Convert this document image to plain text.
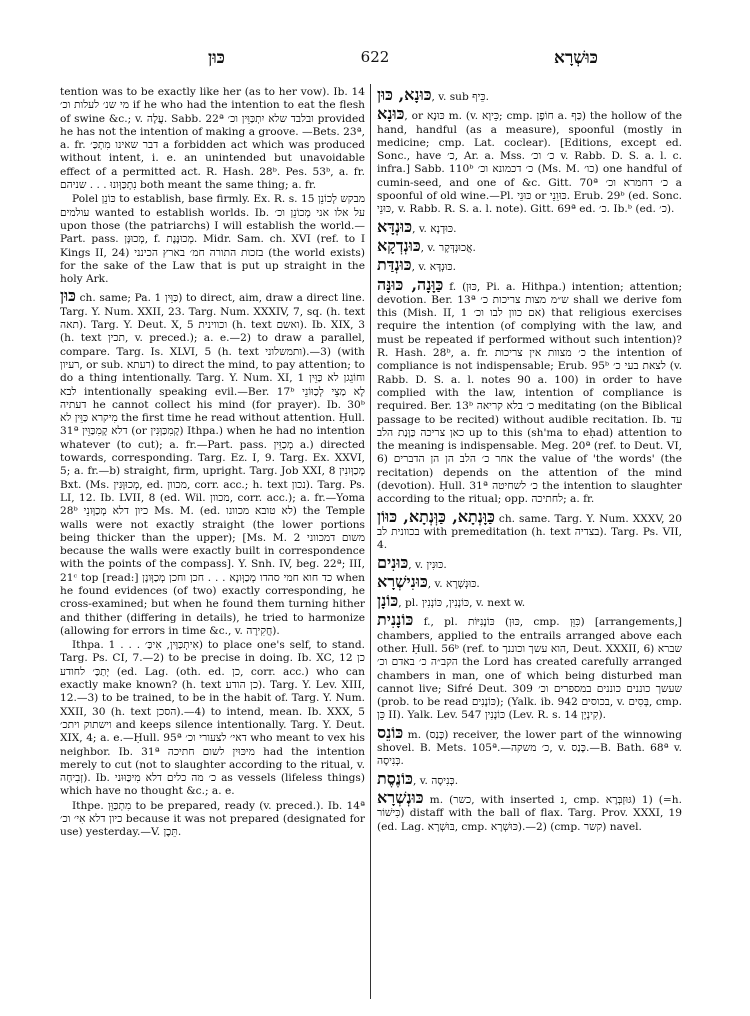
כּוּן	622	כּוּשְׁרָא

tention was to be exactly like her (as to her vow). Ib. 14 מי שנ׳ לעלות וכ׳ if he who had the intention to eat the flesh of swine &c.; v. עֲלָה. Sabb. 22ª ובלבד שלא יִתְכַּוֵּין וכ׳ provided he has not the intention of making a groove. —Bets. 23ª, a. fr. דבר שאינו מִתְכַּ׳ a forbidden act which was produced without intent, i. e. an unintended but unavoidable effect of a permitted act. R. Hash. 28ᵇ. Pes. 53ᵇ, a. fr. נִתְכַּוְּונוּ . . . שניהם both meant the same thing; a. fr.

Polel כּוֹנֵן to establish, base firmly. Ex. R. s. 15 מבקש לְכוֹנֵן עולמים wanted to establish worlds. Ib. על אלו אני מְכוֹנֵן וכ׳ upon those (the patriarchs) I will establish the world.—Part. pass. מְכוּנָּן, f. מְכוּנֶּנֶת. Midr. Sam. ch. XVI (ref. to I Kings II, 24) בזכות התורה חמ׳ בארץ הכינני (the world exists) for the sake of the Law that is put up straight in the holy Ark.

כּוּן ch. same; Pa. כַּוֵּין 1) to direct, aim, draw a direct line. Targ. Y. Num. XXII, 23. Targ. Num. XXXIV, 7, sq. (h. text תאה). Targ. Y. Deut. X, 5 וכווינית (h. text ואשם). Ib. XIX, 3 (h. text תכין, v. preced.); a. e.—2) to draw a parallel, compare. Targ. Is. XLVI, 5 (h. text ותמשלוני).—3) (with רעיון, or sub. רעתא) to direct the mind, to pay attention; to do a thing intentionally. Targ. Y. Num. XI, 1 וחוֹגֵגן לא כַּוֵּין לבא intentionally speaking evil.—Ber. 17ᵇ לָא מַצֵי לְכַוּוֹנֵי דעתיה he cannot collect his mind (for prayer). Ib. 30ᵇ מִיקרא כַּוֵּין לא the first time he read without attention. Ḥull. 31ª דלא קָמִכַּוֵּין (or קָמִכַּוְּנִין) Ithpa.) when he had no intention whatever (to cut); a. fr.—Part. pass. מְכַוֵּין a.) directed towards, corresponding. Targ. Ez. I, 9. Targ. Ex. XXVI, 5; a. fr.—b) straight, firm, upright. Targ. Job XXI, 8 מְכַוְּונִין Bxt. (Ms. מְכוּוָּנִין, ed. מכוון, corr. acc.; h. text נכון). Targ. Ps. LI, 12. Ib. LVII, 8 (ed. Wil. מכוון, corr. acc.); a. fr.—Yoma 28ᵇ כיון דלא מְכַוְּונֵי Ms. M. (ed. לא טובא מכוונו) the Temple walls were not exactly straight (the lower portions being thicker than the upper); [Ms. M. 2 משום דמכווני because the walls were exactly built in correspondence with the points of the compass]. Y. Snh. IV, beg. 22ª; III, 21ᶜ top [read:] כד חוא חמי סהדו מְכַוְּונָא . . . חכן וחכן מְכַוְּונָן when he found evidences (of two) exactly corresponding, he cross-examined; but when he found them turning hither and thither (differing in details), he tried to harmonize (allowing for errors in time &c., v. חֲקִירָה).

Ithpa. אִיתְכַּוַּין, אִיכַּ׳ . . . 1) to place one's self, to stand. Targ. Ps. CI, 7.—2) to be precise in doing. Ib. XC, 12 כן יְתַכַּ׳ לחודע (ed. Lag. (oth. ed. כן, corr. acc.) who can exactly make known? (h. text כן הודע). Targ. Y. Lev. XIII, 12.—3) to be trained, to be in the habit of. Targ. Y. Num. XXII, 30 (h. text הסכן).—4) to intend, mean. Ib. XXX, 5 וישתוק ויתכ׳ and keeps silence intentionally. Targ. Y. Deut. XIX, 4; a. e.—Ḥull. 95ª דאי׳ לצעורי וכ׳ who meant to vex his neighbor. Ib. 31ª מיכּוּין לשום חתיכה had the intention merely to cut (not to slaughter according to the ritual, v. זְבִיחָה). Ib. כ׳ מה כלים דלא מִיכַּוּוּני as vessels (lifeless things) which have no thought &c.; a. e.

Ithpe. מִתְכַּוֵּן to be prepared, ready (v. preced.). Ib. 14ª כיון דלא אִי׳ וכ׳ because it was not prepared (designated for use) yesterday.—V. תֵּכֶן.

כּוּנָא, כּוּן, v. sub כֵּיף.

כּוּנָא, or כּוּנָא m. (v. כֵּיוָא; cmp. חוֹפֶן a. כַּף) the hollow of the hand, handful (as a measure), spoonful (mostly in medicine; cmp. Lat. coclear). [Editions, except ed. Sonc., have כ׳, Ar. a. Mss. כ׳ וכ׳ v. Rabb. D. S. a. l. c. infra.] Sabb. 110ᵇ כ׳ דכמונא וכ׳ (Ms. M. כו׳) one handful of cumin-seed, and one of &c. Gitt. 70ª כ׳ דחמרא וכ׳ a spoonful of old wine.—Pl. כּוּנֵי or כּוּוֵנֵי. Erub. 29ᵇ (ed. Sonc. כּוּנֵי, v. Rabb. R. S. a. l. note). Gitt. 69ª ed. כ׳. Ib.ᵇ (ed. כ׳).

כּוּנְדָּא, v. כּוּדְנָא.

כּוּנְדְקָא, v. אֲכוּנְדְּקָר.

כּוּנְדַּת, v. כּוּנְדָּא.

כַּוָּנָה, כּוּנָּה f. (כּוּן, Pi. a. Hithpa.) intention; attention; devotion. Ber. 13ª ש״מ מצות צריכות כ׳ shall we derive fom this (Mish. II, 1 אם כוון לבו וכ׳) that religious exercises require the intention (of complying with the law, and must be repeated if performed without such intention)? R. Hash. 28ᵇ, a. fr. כ׳ מצוות אין צריכות the intention of compliance is not indispensable; Erub. 95ᵇ לצאת בעי כ׳ (v. Rabb. D. S. a. l. notes 90 a. 100) in order to have complied with the law, intention of compliance is required. Ber. 13ᵇ כ׳ בלא קריאה meditating (on the Biblical passage to be recited) without audible recitation. Ib. עד כאן צריכה כַּוָּנַת הלב up to this (sh'ma to eḥad) attention to the meaning is indispensable. Meg. 20ª (ref. to Deut. VI, 6) אחר כ׳ הלב הן הן הדברים the value of 'the words' (the recitation) depends on the attention of the mind (devotion). Ḥull. 31ª כ׳ לשחיטה the intention to slaughter according to the ritual; opp. לחתיכה; a. fr.

כַּוָּנְתָא, כַּוְּנְתָא, כּוּוֹן ch. same. Targ. Y. Num. XXXV, 20 בכוונית לב with premeditation (h. text בצדיה). Targ. Ps. VII, 4.

כּוּנִים, v. כּוּנִין.

כּוּנִישְׁרָא, v. כּוּנְשְׁרָא.

כּוֹנָן, pl. כּוֹנָנִין, כּוֹנְנִין, v. next w.

כּוֹנָנִית f., pl. כּוֹנָנִיּוֹת (כּוּן, cmp. כִּוֵּן) [arrangements,] chambers, applied to the entrails arranged above each other. Ḥull. 56ᵇ (ref. to הוא עשך וכוננך, Deut. XXXII, 6) שברא הקב״ה כ׳ באדם וכ׳ the Lord has created carefully arranged chambers in man, one of which being disturbed man cannot live; Sifré Deut. 309 שעשך כוננים כוננים במספרים וכ׳ (prob. to be read כּוֹנָנִים); (Yalk. ib. 942 בכוסים, v. בְּסִים, cmp. כֵּן II). Yalk. Lev. 547 כּוֹנָנִין (Lev. R. s. 14 קִינְיָן).

כּוֹנֵס m. (כָּנַס) receiver, the lower part of the winnowing shovel. B. Mets. 105ª.—כ׳ משקה, v. כָּנַס.—B. Bath. 68ª v. כְּנִיסָה.

כּוֹנֶסֶת, v. כְּנִיסָה.

כּוּנְשְׁרָא m. (כשר, with inserted נ, cmp. גּוּזְבְּרָא) 1) (=h. כִּישׁוֹר) distaff with the ball of flax. Targ. Prov. XXXI, 19 (ed. Lag. בּוּשְׁרָא, cmp. כּוּשְׁרָא).—2) (cmp. קשר) navel.
